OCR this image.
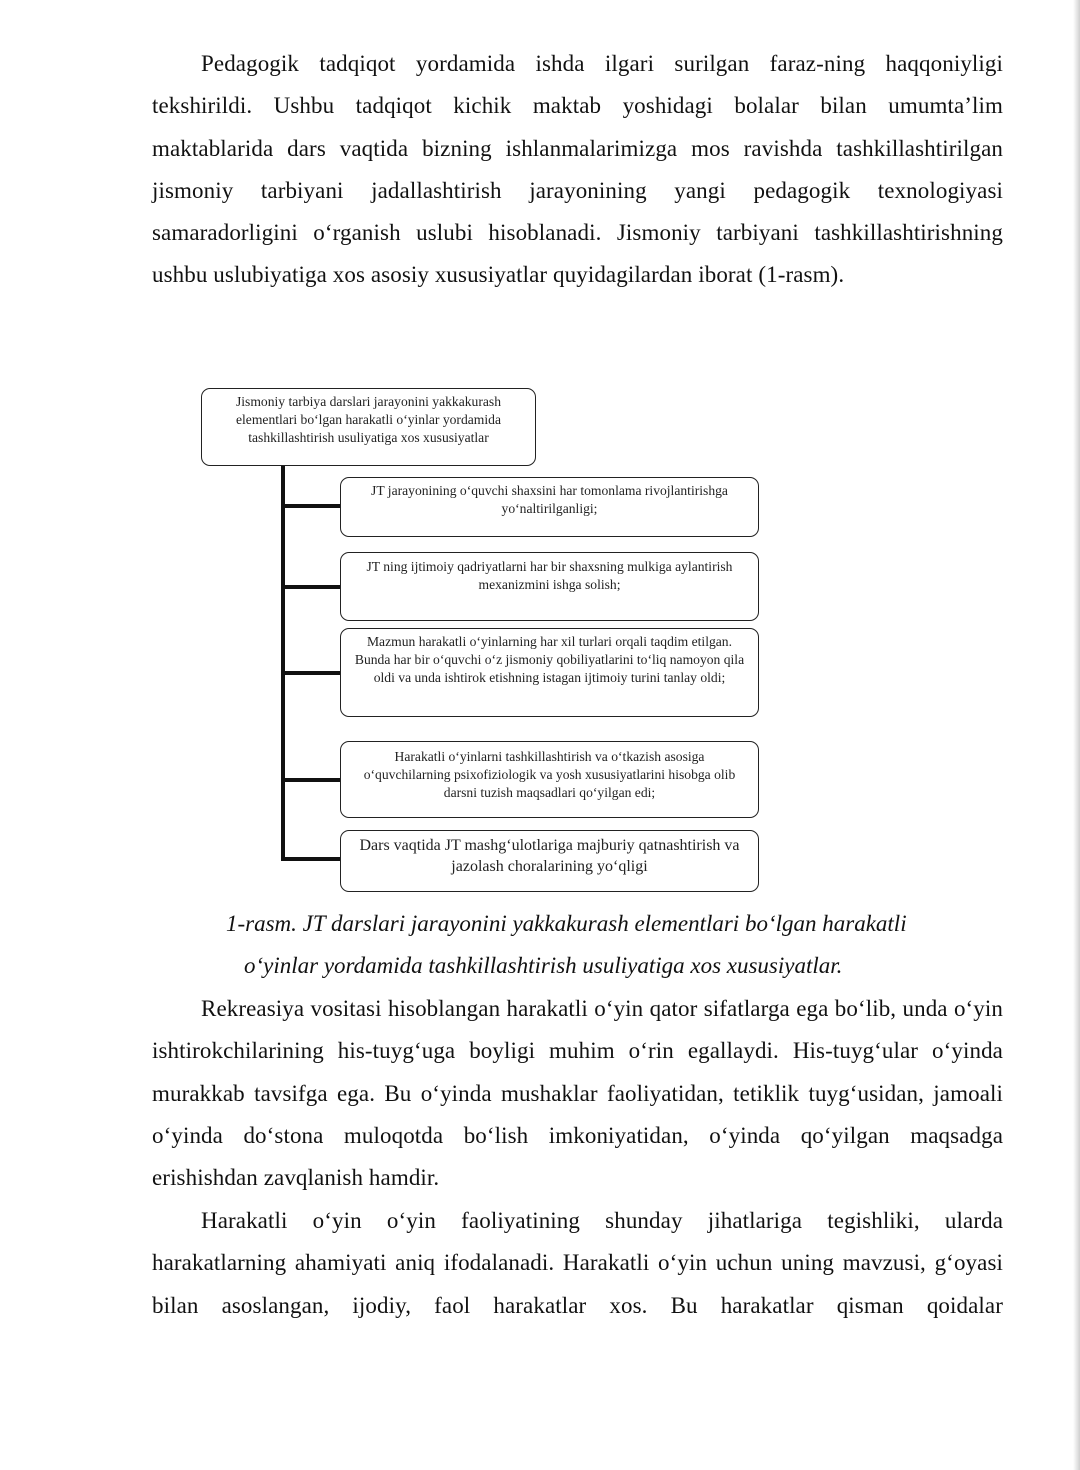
Pedagogik tadqiqot yordamida ishda ilgari surilgan faraz-ning haqqoniyligi tekshirildi. Ushbu tadqiqot kichik maktab yoshidagi bolalar bilan umumta’lim maktablarida dars vaqtida bizning ishlanmalarimizga mos ravishda tashkillashtirilgan jismoniy tarbiyani jadallashtirish jarayonining yangi pedagogik texnologiyasi samaradorligini o‘rganish uslubi hisoblanadi. Jismoniy tarbiyani tashkillashtirishning ushbu uslubiyatiga xos asosiy xususiyatlar quyidagilardan iborat (1-rasm).

Jismoniy tarbiya darslari jarayonini yakkakurash elementlari bo‘lgan harakatli o‘yinlar yordamida tashkillashtirish usuliyatiga xos xususiyatlar
JT jarayonining o‘quvchi shaxsini har tomonlama rivojlantirishga yo‘naltirilganligi;
JT ning ijtimoiy qadriyatlarni har bir shaxsning mulkiga aylantirish mexanizmini ishga solish;
Mazmun harakatli o‘yinlarning har xil turlari orqali taqdim etilgan. Bunda har bir o‘quvchi o‘z jismoniy qobiliyatlarini to‘liq namoyon qila oldi va unda ishtirok etishning istagan ijtimoiy turini tanlay oldi;
Harakatli o‘yinlarni tashkillashtirish va o‘tkazish asosiga o‘quvchilarning psixofiziologik va yosh xususiyatlarini hisobga olib darsni tuzish maqsadlari qo‘yilgan edi;
Dars vaqtida JT mashg‘ulotlariga majburiy qatnashtirish va jazolash choralarining yo‘qligi

1-rasm. JT darslari jarayonini yakkakurash elementlari bo‘lgan harakatli

o‘yinlar yordamida tashkillashtirish usuliyatiga xos xususiyatlar.

Rekreasiya vositasi hisoblangan harakatli o‘yin qator sifatlarga ega bo‘lib, unda o‘yin ishtirokchilarining his-tuyg‘uga boyligi muhim o‘rin egallaydi. His-tuyg‘ular o‘yinda murakkab tavsifga ega. Bu o‘yinda mushaklar faoliyatidan, tetiklik tuyg‘usidan, jamoali o‘yinda do‘stona muloqotda bo‘lish imkoniyatidan, o‘yinda qo‘yilgan maqsadga erishishdan zavqlanish hamdir.

Harakatli o‘yin o‘yin faoliyatining shunday jihatlariga tegishliki, ularda harakatlarning ahamiyati aniq ifodalanadi. Harakatli o‘yin uchun uning mavzusi, g‘oyasi bilan asoslangan, ijodiy, faol harakatlar xos. Bu harakatlar qisman qoidalar
